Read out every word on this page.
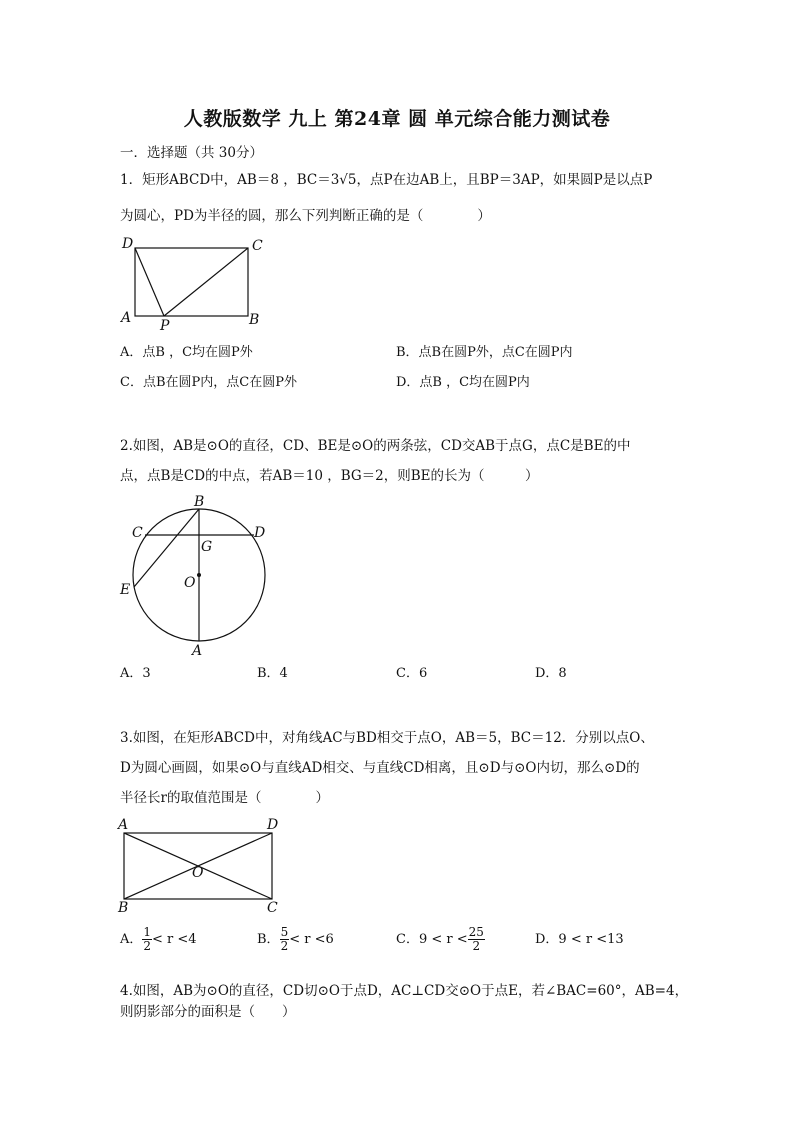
人教版数学 九上 第24章 圆 单元综合能力测试卷
一．选择题（共 30分）
1．矩形ABCD中，AB＝8 ，BC＝3√5，点P在边AB上，且BP＝3AP，如果圆P是以点P
为圆心，PD为半径的圆，那么下列判断正确的是（　　　　）
D	C
A P	B
A．点B ，C均在圆P外	B．点B在圆P外，点C在圆P内
C．点B在圆P内，点C在圆P外	D．点B ，C均在圆P内
2.如图，AB是⊙O的直径，CD、BE是⊙O的两条弦，CD交AB于点G，点C是BE的中
点，点B是CD的中点，若AB＝10 ，BG＝2，则BE的长为（　　　）
B
C	D
G
O
E
A
A．3	B．4	C．6	D．8
3.如图，在矩形ABCD中，对角线AC与BD相交于点O，AB＝5，BC＝12．分别以点O、
D为圆心画圆，如果⊙O与直线AD相交、与直线CD相离，且⊙D与⊙O内切，那么⊙D的
半径长r的取值范围是（　　　　）
A	D
O
B	C
A． $\frac{1}{2} < r <4$	B． $\frac{5}{2} < r <6$	C．$9 < r < \frac{25}{2}$	D．9 < r <13
4.如图，AB为⊙O的直径，CD切⊙O于点D，AC⊥CD交⊙O于点E，若∠BAC=60°，AB=4，
则阴影部分的面积是（　　）
